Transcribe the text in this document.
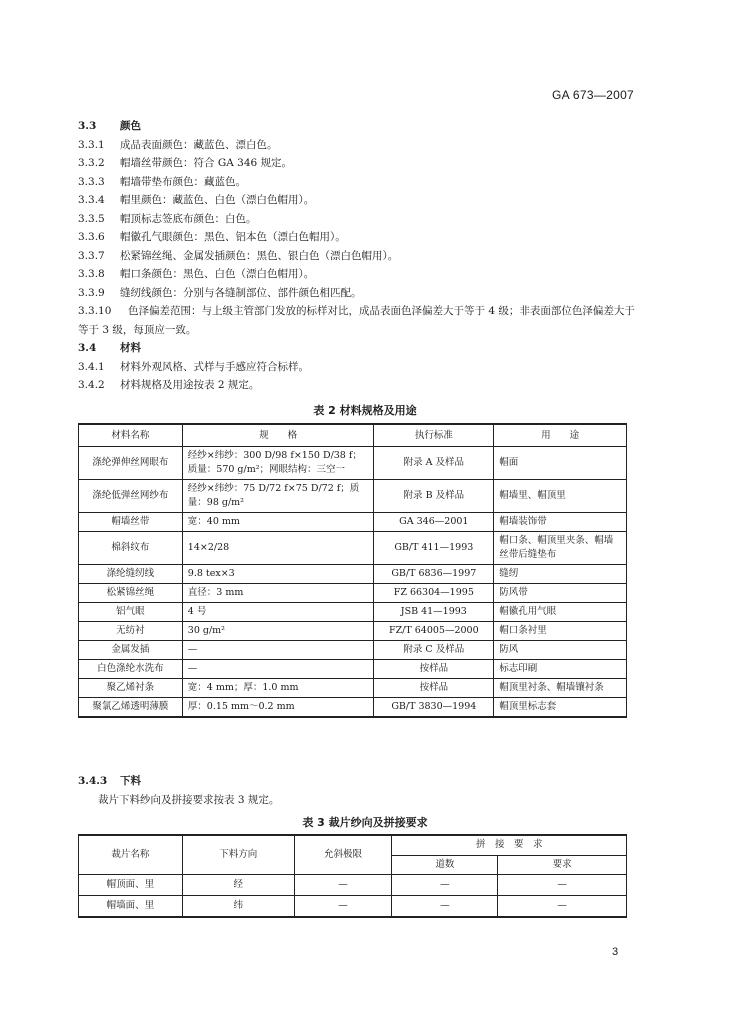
GA 673—2007
3.3 颜色
3.3.1 成品表面颜色：藏蓝色、漂白色。
3.3.2 帽墙丝带颜色：符合 GA 346 规定。
3.3.3 帽墙带垫布颜色：藏蓝色。
3.3.4 帽里颜色：藏蓝色、白色（漂白色帽用）。
3.3.5 帽顶标志签底布颜色：白色。
3.3.6 帽徽孔气眼颜色：黑色、铝本色（漂白色帽用）。
3.3.7 松紧锦丝绳、金属发插颜色：黑色、银白色（漂白色帽用）。
3.3.8 帽口条颜色：黑色、白色（漂白色帽用）。
3.3.9 缝纫线颜色：分别与各缝制部位、部件颜色相匹配。
3.3.10 色泽偏差范围：与上级主管部门发放的标样对比，成品表面色泽偏差大于等于 4 级；非表面部位色泽偏差大于等于 3 级，每顶应一致。
3.4 材料
3.4.1 材料外观风格、式样与手感应符合标样。
3.4.2 材料规格及用途按表 2 规定。
表 2 材料规格及用途
材料名称	规　　格	执行标准	用　　途
涤纶弹伸丝网眼布	经纱×纬纱：300 D/98 f×150 D/38 f；质量：570 g/m²；网眼结构：三空一	附录 A 及样品	帽面
涤纶低弹丝网纱布	经纱×纬纱：75 D/72 f×75 D/72 f；质量：98 g/m²	附录 B 及样品	帽墙里、帽顶里
帽墙丝带	宽：40 mm	GA 346—2001	帽墙装饰带
棉斜纹布	14×2/28	GB/T 411—1993	帽口条、帽顶里夹条、帽墙丝带后缝垫布
涤纶缝纫线	9.8 tex×3	GB/T 6836—1997	缝纫
松紧锦丝绳	直径：3 mm	FZ 66304—1995	防风带
铝气眼	4 号	JSB 41—1993	帽徽孔用气眼
无纺衬	30 g/m²	FZ/T 64005—2000	帽口条衬里
金属发插	—	附录 C 及样品	防风
白色涤纶水洗布	—	按样品	标志印刷
聚乙烯衬条	宽：4 mm；厚：1.0 mm	按样品	帽顶里衬条、帽墙镶衬条
聚氯乙烯透明薄膜	厚：0.15 mm～0.2 mm	GB/T 3830—1994	帽顶里标志套
3.4.3 下料
裁片下料纱向及拼接要求按表 3 规定。
表 3 裁片纱向及拼接要求
裁片名称	下料方向	允斜极限	拼　接　要　求	
			道数	要求
帽顶面、里	经	—	—	—
帽墙面、里	纬	—	—	—
3
